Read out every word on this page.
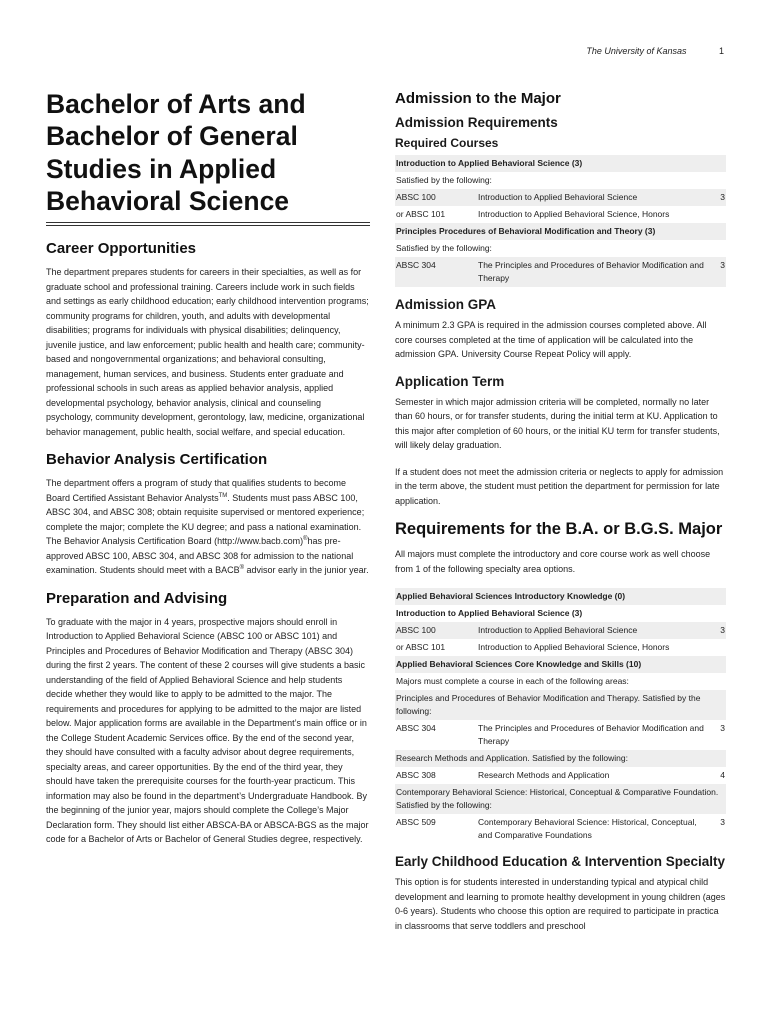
The University of Kansas	1
Bachelor of Arts and Bachelor of General Studies in Applied Behavioral Science
Career Opportunities

The department prepares students for careers in their specialties, as well as for graduate school and professional training. Careers include work in such fields and settings as early childhood education; early childhood intervention programs; community programs for children, youth, and adults with developmental disabilities; programs for individuals with physical disabilities; delinquency, juvenile justice, and law enforcement; public health and health care; community-based and nongovernmental organizations; and behavioral consulting, management, human services, and business. Students enter graduate and professional schools in such areas as applied behavior analysis, applied developmental psychology, behavior analysis, clinical and counseling psychology, community development, gerontology, law, medicine, organizational behavior management, public health, social welfare, and special education.

Behavior Analysis Certification

The department offers a program of study that qualifies students to become Board Certified Assistant Behavior Analysts™. Students must pass ABSC 100, ABSC 304, and ABSC 308; obtain requisite supervised or mentored experience; complete the major; complete the KU degree; and pass a national examination. The Behavior Analysis Certification Board (http://www.bacb.com)®has pre-approved ABSC 100, ABSC 304, and ABSC 308 for admission to the national examination. Students should meet with a BACB® advisor early in the junior year.

Preparation and Advising

To graduate with the major in 4 years, prospective majors should enroll in Introduction to Applied Behavioral Science (ABSC 100 or ABSC 101) and Principles and Procedures of Behavior Modification and Therapy (ABSC 304) during the first 2 years. The content of these 2 courses will give students a basic understanding of the field of Applied Behavioral Science and help students decide whether they would like to apply to be admitted to the major. The requirements and procedures for applying to be admitted to the major are listed below. Major application forms are available in the Department’s main office or in the College Student Academic Services office. By the end of the second year, they should have consulted with a faculty advisor about degree requirements, specialty areas, and career opportunities. By the end of the third year, they should have taken the prerequisite courses for the fourth-year practicum. This information may also be found in the department’s Undergraduate Handbook. By the beginning of the junior year, majors should complete the College’s Major Declaration form. They should list either ABSCA-BA or ABSCA-BGS as the major code for a Bachelor of Arts or Bachelor of General Studies degree, respectively.

Admission to the Major
Admission Requirements
Required Courses
Introduction to Applied Behavioral Science (3)		
Satisfied by the following:		
ABSC 100	Introduction to Applied Behavioral Science	3
or ABSC 101	Introduction to Applied Behavioral Science, Honors	
Principles Procedures of Behavioral Modification and Theory (3)		
Satisfied by the following:		
ABSC 304	The Principles and Procedures of Behavior Modification and Therapy	3
Admission GPA

A minimum 2.3 GPA is required in the admission courses completed above. All core courses completed at the time of application will be calculated into the admission GPA. University Course Repeat Policy will apply.

Application Term

Semester in which major admission criteria will be completed, normally no later than 60 hours, or for transfer students, during the initial term at KU. Application to this major after completion of 60 hours, or the initial KU term for transfer students, will likely delay graduation.

If a student does not meet the admission criteria or neglects to apply for admission in the term above, the student must petition the department for permission for late application.

Requirements for the B.A. or B.G.S. Major

All majors must complete the introductory and core course work as well choose from 1 of the following specialty area options.

Applied Behavioral Sciences Introductory Knowledge (0)		
Introduction to Applied Behavioral Science (3)		
ABSC 100	Introduction to Applied Behavioral Science	3
or ABSC 101	Introduction to Applied Behavioral Science, Honors	
Applied Behavioral Sciences Core Knowledge and Skills (10)		
Majors must complete a course in each of the following areas:		
Principles and Procedures of Behavior Modification and Therapy. Satisfied by the following:		
ABSC 304	The Principles and Procedures of Behavior Modification and Therapy	3
Research Methods and Application. Satisfied by the following:		
ABSC 308	Research Methods and Application	4
Contemporary Behavioral Science: Historical, Conceptual & Comparative Foundation. Satisfied by the following:		
ABSC 509	Contemporary Behavioral Science: Historical, Conceptual, and Comparative Foundations	3
Early Childhood Education & Intervention Specialty

This option is for students interested in understanding typical and atypical child development and learning to promote healthy development in young children (ages 0-6 years). Students who choose this option are required to participate in practica in classrooms that serve toddlers and preschool
